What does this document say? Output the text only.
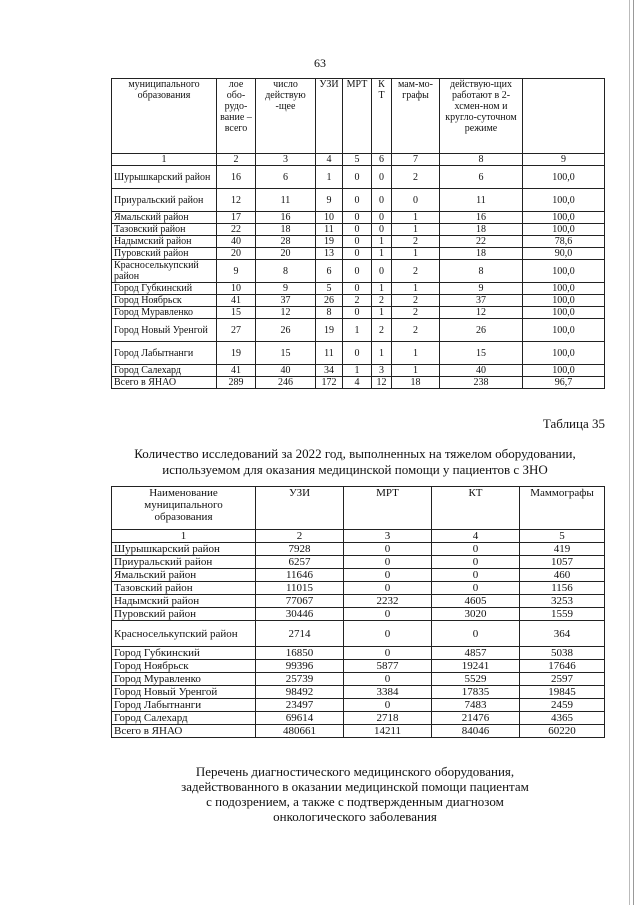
63
муниципального образования	лое обо-рудо-вание – всего	число действую -щее	УЗИ	МРТ	К Т	мам-мо-графы	действую-щих работают в 2-хсмен-ном и кругло-суточном режиме	
1	2	3	4	5	6	7	8	9
Шурышкарский район	16	6	1	0	0	2	6	100,0
Приуральский район	12	11	9	0	0	0	11	100,0
Ямальский район	17	16	10	0	0	1	16	100,0
Тазовский район	22	18	11	0	0	1	18	100,0
Надымский район	40	28	19	0	1	2	22	78,6
Пуровский район	20	20	13	0	1	1	18	90,0
Красноселькупский район	9	8	6	0	0	2	8	100,0
Город Губкинский	10	9	5	0	1	1	9	100,0
Город Ноябрьск	41	37	26	2	2	2	37	100,0
Город Муравленко	15	12	8	0	1	2	12	100,0
Город Новый Уренгой	27	26	19	1	2	2	26	100,0
Город Лабытнанги	19	15	11	0	1	1	15	100,0
Город Салехард	41	40	34	1	3	1	40	100,0
Всего в ЯНАО	289	246	172	4	12	18	238	96,7
Таблица 35
Количество исследований за 2022 год, выполненных на тяжелом оборудовании,
используемом для оказания медицинской помощи у пациентов с ЗНО
Наименование муниципального образования	УЗИ	МРТ	КТ	Маммографы
1	2	3	4	5
Шурышкарский район	7928	0	0	419
Приуральский район	6257	0	0	1057
Ямальский район	11646	0	0	460
Тазовский район	11015	0	0	1156
Надымский район	77067	2232	4605	3253
Пуровский район	30446	0	3020	1559
Красноселькупский район	2714	0	0	364
Город Губкинский	16850	0	4857	5038
Город Ноябрьск	99396	5877	19241	17646
Город Муравленко	25739	0	5529	2597
Город Новый Уренгой	98492	3384	17835	19845
Город Лабытнанги	23497	0	7483	2459
Город Салехард	69614	2718	21476	4365
Всего в ЯНАО	480661	14211	84046	60220
Перечень диагностического медицинского оборудования,
задействованного в оказании медицинской помощи пациентам
с подозрением, а также с подтвержденным диагнозом
онкологического заболевания
